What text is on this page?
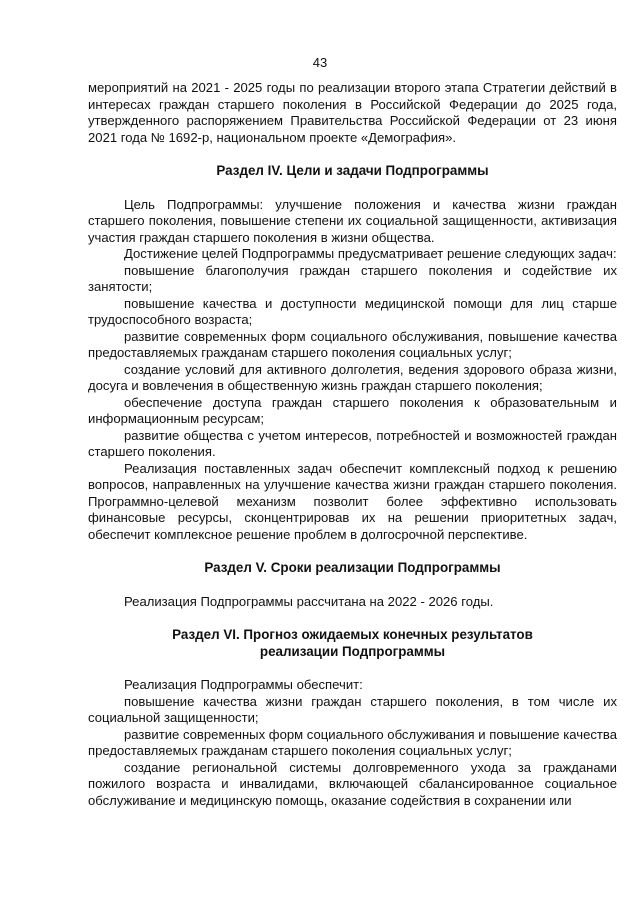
43

мероприятий на 2021 - 2025 годы по реализации второго этапа Стратегии действий в интересах граждан старшего поколения в Российской Федерации до 2025 года, утвержденного распоряжением Правительства Российской Федерации от 23 июня 2021 года № 1692-р, национальном проекте «Демография».

Раздел IV. Цели и задачи Подпрограммы

Цель Подпрограммы: улучшение положения и качества жизни граждан старшего поколения, повышение степени их социальной защищенности, активизация участия граждан старшего поколения в жизни общества.

Достижение целей Подпрограммы предусматривает решение следующих задач:

повышение благополучия граждан старшего поколения и содействие их занятости;

повышение качества и доступности медицинской помощи для лиц старше трудоспособного возраста;

развитие современных форм социального обслуживания, повышение качества предоставляемых гражданам старшего поколения социальных услуг;

создание условий для активного долголетия, ведения здорового образа жизни, досуга и вовлечения в общественную жизнь граждан старшего поколения;

обеспечение доступа граждан старшего поколения к образовательным и информационным ресурсам;

развитие общества с учетом интересов, потребностей и возможностей граждан старшего поколения.

Реализация поставленных задач обеспечит комплексный подход к решению вопросов, направленных на улучшение качества жизни граждан старшего поколения. Программно-целевой механизм позволит более эффективно использовать финансовые ресурсы, сконцентрировав их на решении приоритетных задач, обеспечит комплексное решение проблем в долгосрочной перспективе.

Раздел V. Сроки реализации Подпрограммы

Реализация Подпрограммы рассчитана на 2022 - 2026 годы.

Раздел VI. Прогноз ожидаемых конечных результатов

реализации Подпрограммы

Реализация Подпрограммы обеспечит:

повышение качества жизни граждан старшего поколения, в том числе их социальной защищенности;

развитие современных форм социального обслуживания и повышение качества предоставляемых гражданам старшего поколения социальных услуг;

создание региональной системы долговременного ухода за гражданами пожилого возраста и инвалидами, включающей сбалансированное социальное обслуживание и медицинскую помощь, оказание содействия в сохранении или
